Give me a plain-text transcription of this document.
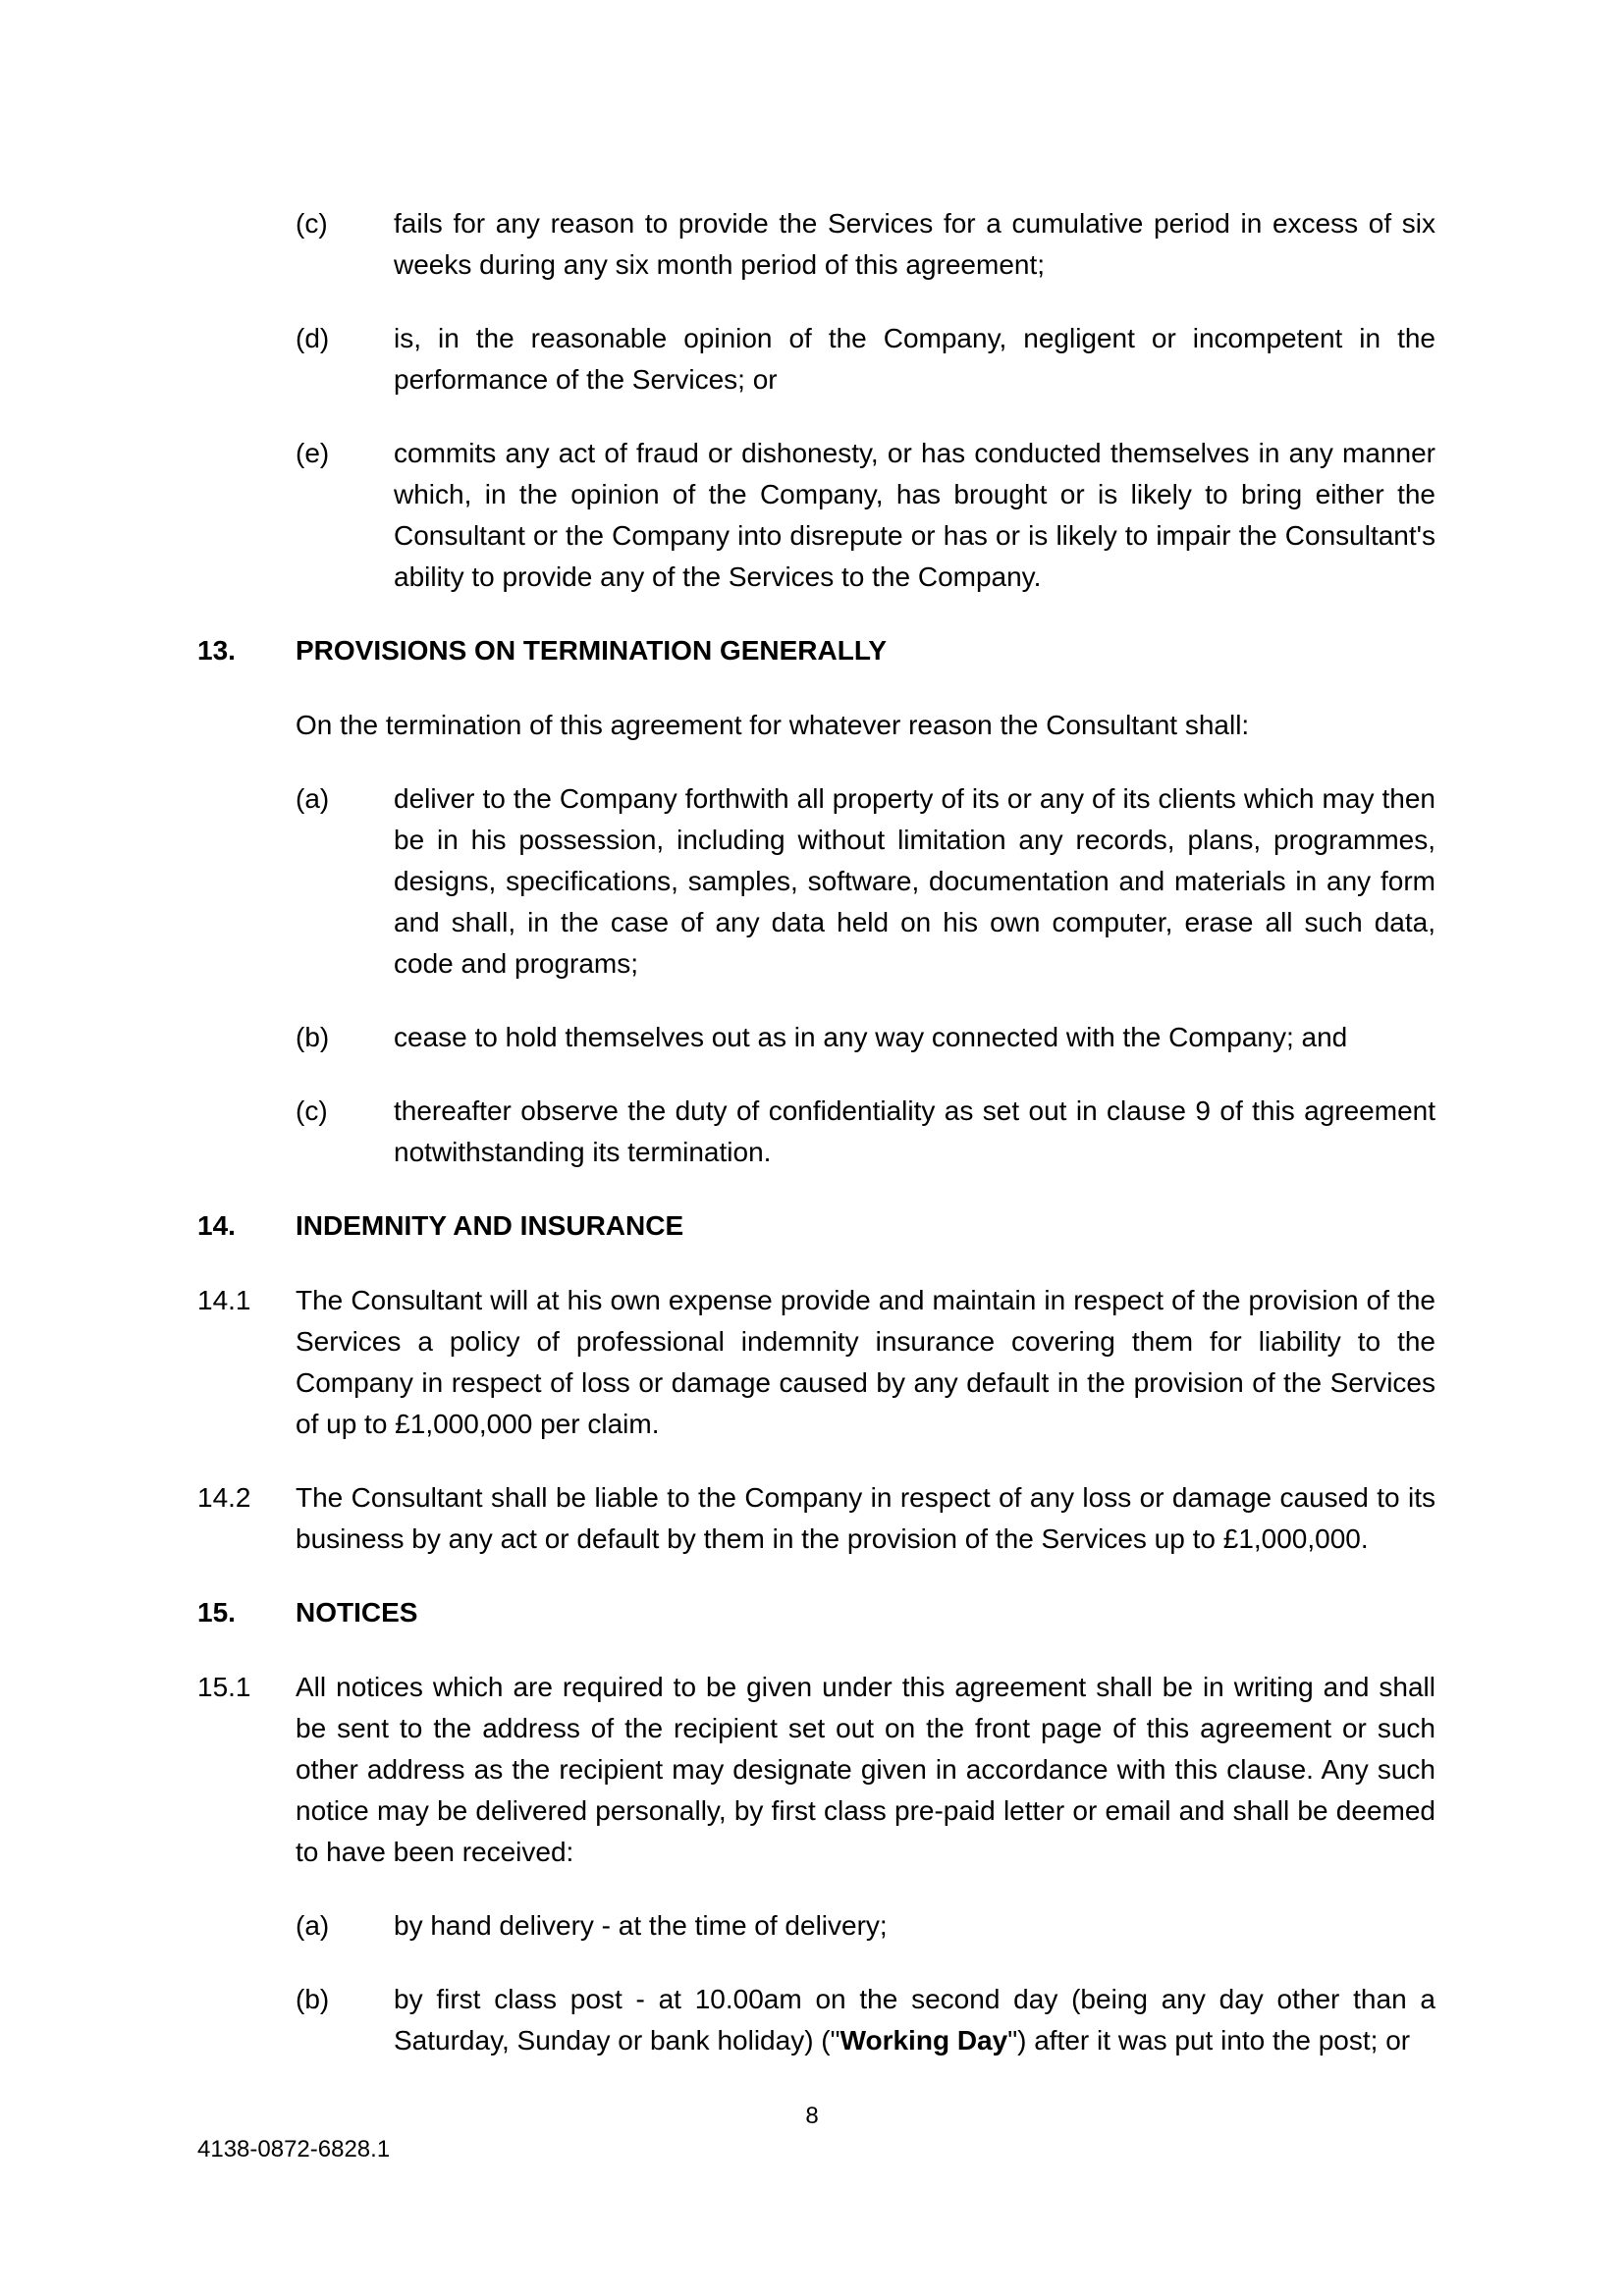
(c)	fails for any reason to provide the Services for a cumulative period in excess of six weeks during any six month period of this agreement;
(d)	is, in the reasonable opinion of the Company, negligent or incompetent in the performance of the Services; or
(e)	commits any act of fraud or dishonesty, or has conducted themselves in any manner which, in the opinion of the Company, has brought or is likely to bring either the Consultant or the Company into disrepute or has or is likely to impair the Consultant's ability to provide any of the Services to the Company.
13.	PROVISIONS ON TERMINATION GENERALLY
On the termination of this agreement for whatever reason the Consultant shall:
(a)	deliver to the Company forthwith all property of its or any of its clients which may then be in his possession, including without limitation any records, plans, programmes, designs, specifications, samples, software, documentation and materials in any form and shall, in the case of any data held on his own computer, erase all such data, code and programs;
(b)	cease to hold themselves out as in any way connected with the Company; and
(c)	thereafter observe the duty of confidentiality as set out in clause 9 of this agreement notwithstanding its termination.
14.	INDEMNITY AND INSURANCE
14.1	The Consultant will at his own expense provide and maintain in respect of the provision of the Services a policy of professional indemnity insurance covering them for liability to the Company in respect of loss or damage caused by any default in the provision of the Services of up to £1,000,000 per claim.
14.2	The Consultant shall be liable to the Company in respect of any loss or damage caused to its business by any act or default by them in the provision of the Services up to £1,000,000.
15.	NOTICES
15.1	All notices which are required to be given under this agreement shall be in writing and shall be sent to the address of the recipient set out on the front page of this agreement or such other address as the recipient may designate given in accordance with this clause. Any such notice may be delivered personally, by first class pre-paid letter or email and shall be deemed to have been received:
(a)	by hand delivery - at the time of delivery;
(b)	by first class post - at 10.00am on the second day (being any day other than a Saturday, Sunday or bank holiday) ("Working Day") after it was put into the post; or
8
4138-0872-6828.1
